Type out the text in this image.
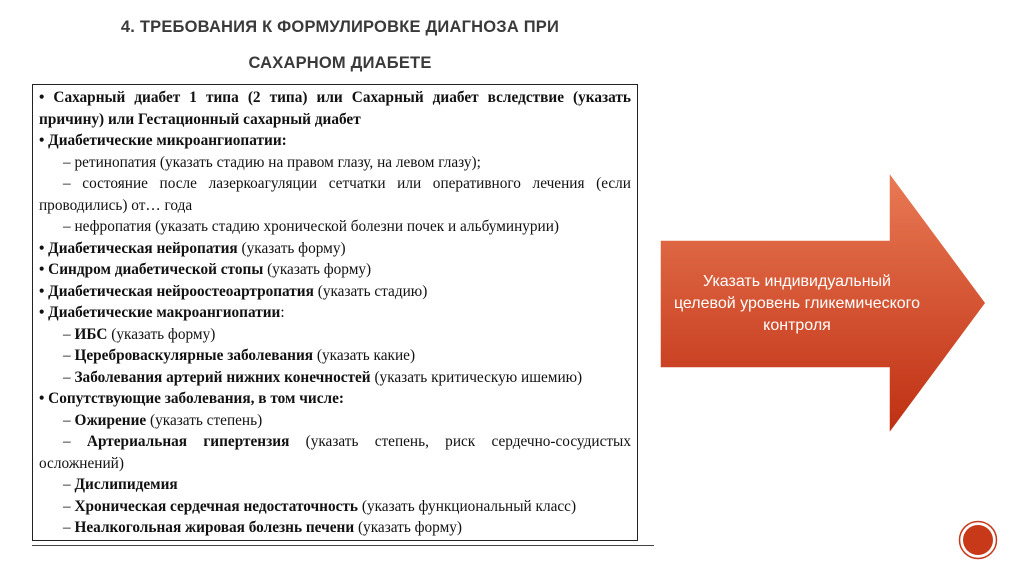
4. ТРЕБОВАНИЯ К ФОРМУЛИРОВКЕ ДИАГНОЗА ПРИ
САХАРНОМ ДИАБЕТЕ
• Сахарный диабет 1 типа (2 типа) или Сахарный диабет вследствие (указать
причину) или Гестационный сахарный диабет
• Диабетические микроангиопатии:
– ретинопатия (указать стадию на правом глазу, на левом глазу);
– состояние после лазеркоагуляции сетчатки или оперативного лечения (если
проводились) от… года
– нефропатия (указать стадию хронической болезни почек и альбуминурии)
• Диабетическая нейропатия (указать форму)
• Синдром диабетической стопы (указать форму)
• Диабетическая нейроостеоартропатия (указать стадию)
• Диабетические макроангиопатии:
– ИБС (указать форму)
– Цереброваскулярные заболевания (указать какие)
– Заболевания артерий нижних конечностей (указать критическую ишемию)
• Сопутствующие заболевания, в том числе:
– Ожирение (указать степень)
– Артериальная гипертензия (указать степень, риск сердечно-сосудистых
осложнений)
– Дислипидемия
– Хроническая сердечная недостаточность (указать функциональный класс)
– Неалкогольная жировая болезнь печени (указать форму)
Указать индивидуальный целевой уровень гликемического контроля
